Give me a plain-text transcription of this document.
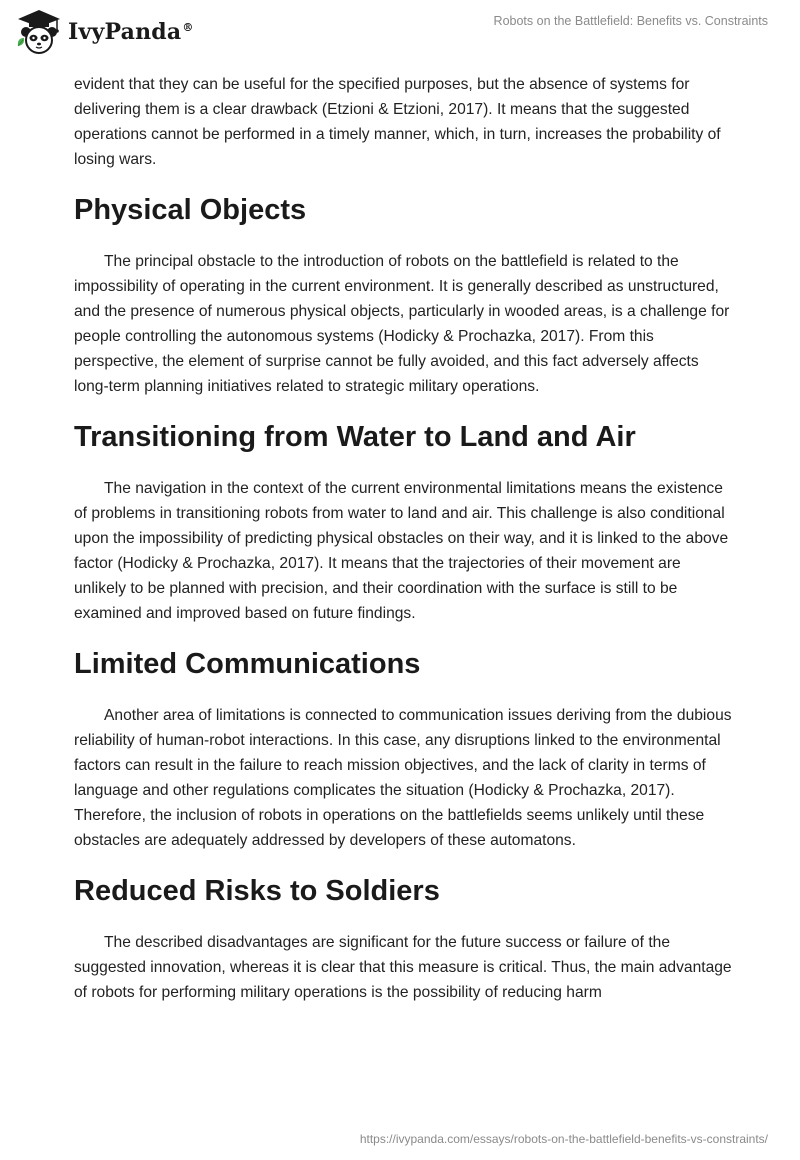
IvyPanda®	Robots on the Battlefield: Benefits vs. Constraints

evident that they can be useful for the specified purposes, but the absence of systems for delivering them is a clear drawback (Etzioni & Etzioni, 2017). It means that the suggested operations cannot be performed in a timely manner, which, in turn, increases the probability of losing wars.

Physical Objects

The principal obstacle to the introduction of robots on the battlefield is related to the impossibility of operating in the current environment. It is generally described as unstructured, and the presence of numerous physical objects, particularly in wooded areas, is a challenge for people controlling the autonomous systems (Hodicky & Prochazka, 2017). From this perspective, the element of surprise cannot be fully avoided, and this fact adversely affects long-term planning initiatives related to strategic military operations.

Transitioning from Water to Land and Air

The navigation in the context of the current environmental limitations means the existence of problems in transitioning robots from water to land and air. This challenge is also conditional upon the impossibility of predicting physical obstacles on their way, and it is linked to the above factor (Hodicky & Prochazka, 2017). It means that the trajectories of their movement are unlikely to be planned with precision, and their coordination with the surface is still to be examined and improved based on future findings.

Limited Communications

Another area of limitations is connected to communication issues deriving from the dubious reliability of human-robot interactions. In this case, any disruptions linked to the environmental factors can result in the failure to reach mission objectives, and the lack of clarity in terms of language and other regulations complicates the situation (Hodicky & Prochazka, 2017). Therefore, the inclusion of robots in operations on the battlefields seems unlikely until these obstacles are adequately addressed by developers of these automatons.

Reduced Risks to Soldiers

The described disadvantages are significant for the future success or failure of the suggested innovation, whereas it is clear that this measure is critical. Thus, the main advantage of robots for performing military operations is the possibility of reducing harm

https://ivypanda.com/essays/robots-on-the-battlefield-benefits-vs-constraints/
